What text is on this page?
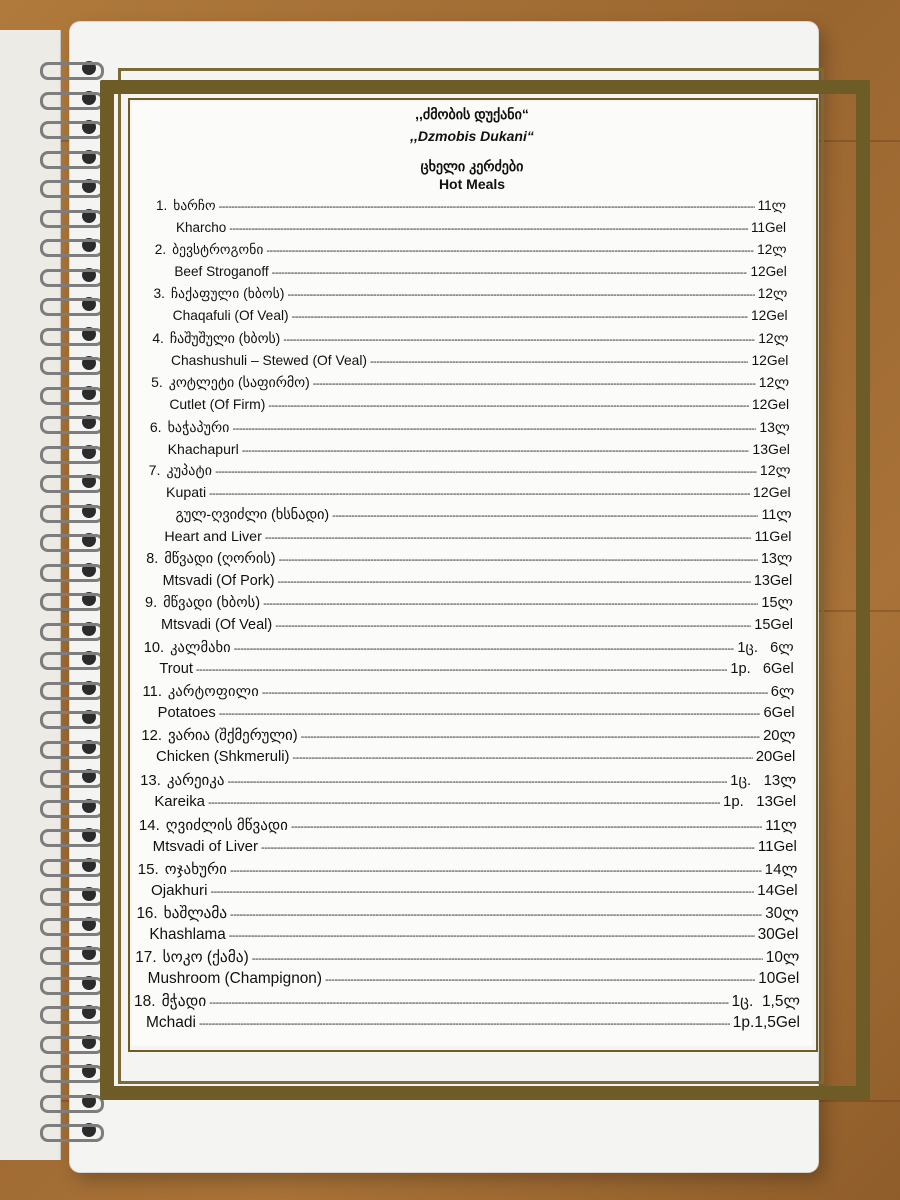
,,ძმობის დუქანი“
,,Dzmobis Dukani“
ცხელი კერძები
Hot Meals
1. ხარჩო -----	11ლ
Kharcho -----	11Gel
2. ბევსტროგონი -----	12ლ
Beef Stroganoff -----	12Gel
3. ჩაქაფული (ხბოს) -----	12ლ
Chaqafuli (Of Veal) -----	12Gel
4. ჩაშუშული (ხბოს) -----	12ლ
Chashushuli – Stewed (Of Veal) -----	12Gel
5. კოტლეტი (საფირმო) -----	12ლ
Cutlet (Of Firm) -----	12Gel
6. ხაჭაპური -----	13ლ
Khachapurl -----	13Gel
7. კუპატი -----	12ლ
Kupati -----	12Gel
გულ-ღვიძლი (ხსნადი) -----	11ლ
Heart and Liver -----	11Gel
8. მწვადი (ღორის) -----	13ლ
Mtsvadi (Of Pork) -----	13Gel
9. მწვადი (ხბოს) -----	15ლ
Mtsvadi (Of Veal) -----	15Gel
10. კალმახი -----	1ც.   6ლ
Trout -----	1p.   6Gel
11. კარტოფილი -----	6ლ
Potatoes -----	6Gel
12. ვარია (შქმერული) -----	20ლ
Chicken (Shkmeruli) -----	20Gel
13. კარეიკა -----	1ც.   13ლ
Kareika -----	1p.   13Gel
14. ღვიძლის მწვადი -----	11ლ
Mtsvadi of Liver -----	11Gel
15. ოჯახური -----	14ლ
Ojakhuri -----	14Gel
16. ხაშლამა -----	30ლ
Khashlama -----	30Gel
17. სოკო (ქამა) -----	10ლ
Mushroom (Champignon) -----	10Gel
18. მჭადი -----	1ც.  1,5ლ
Mchadi -----	1p.1,5Gel
